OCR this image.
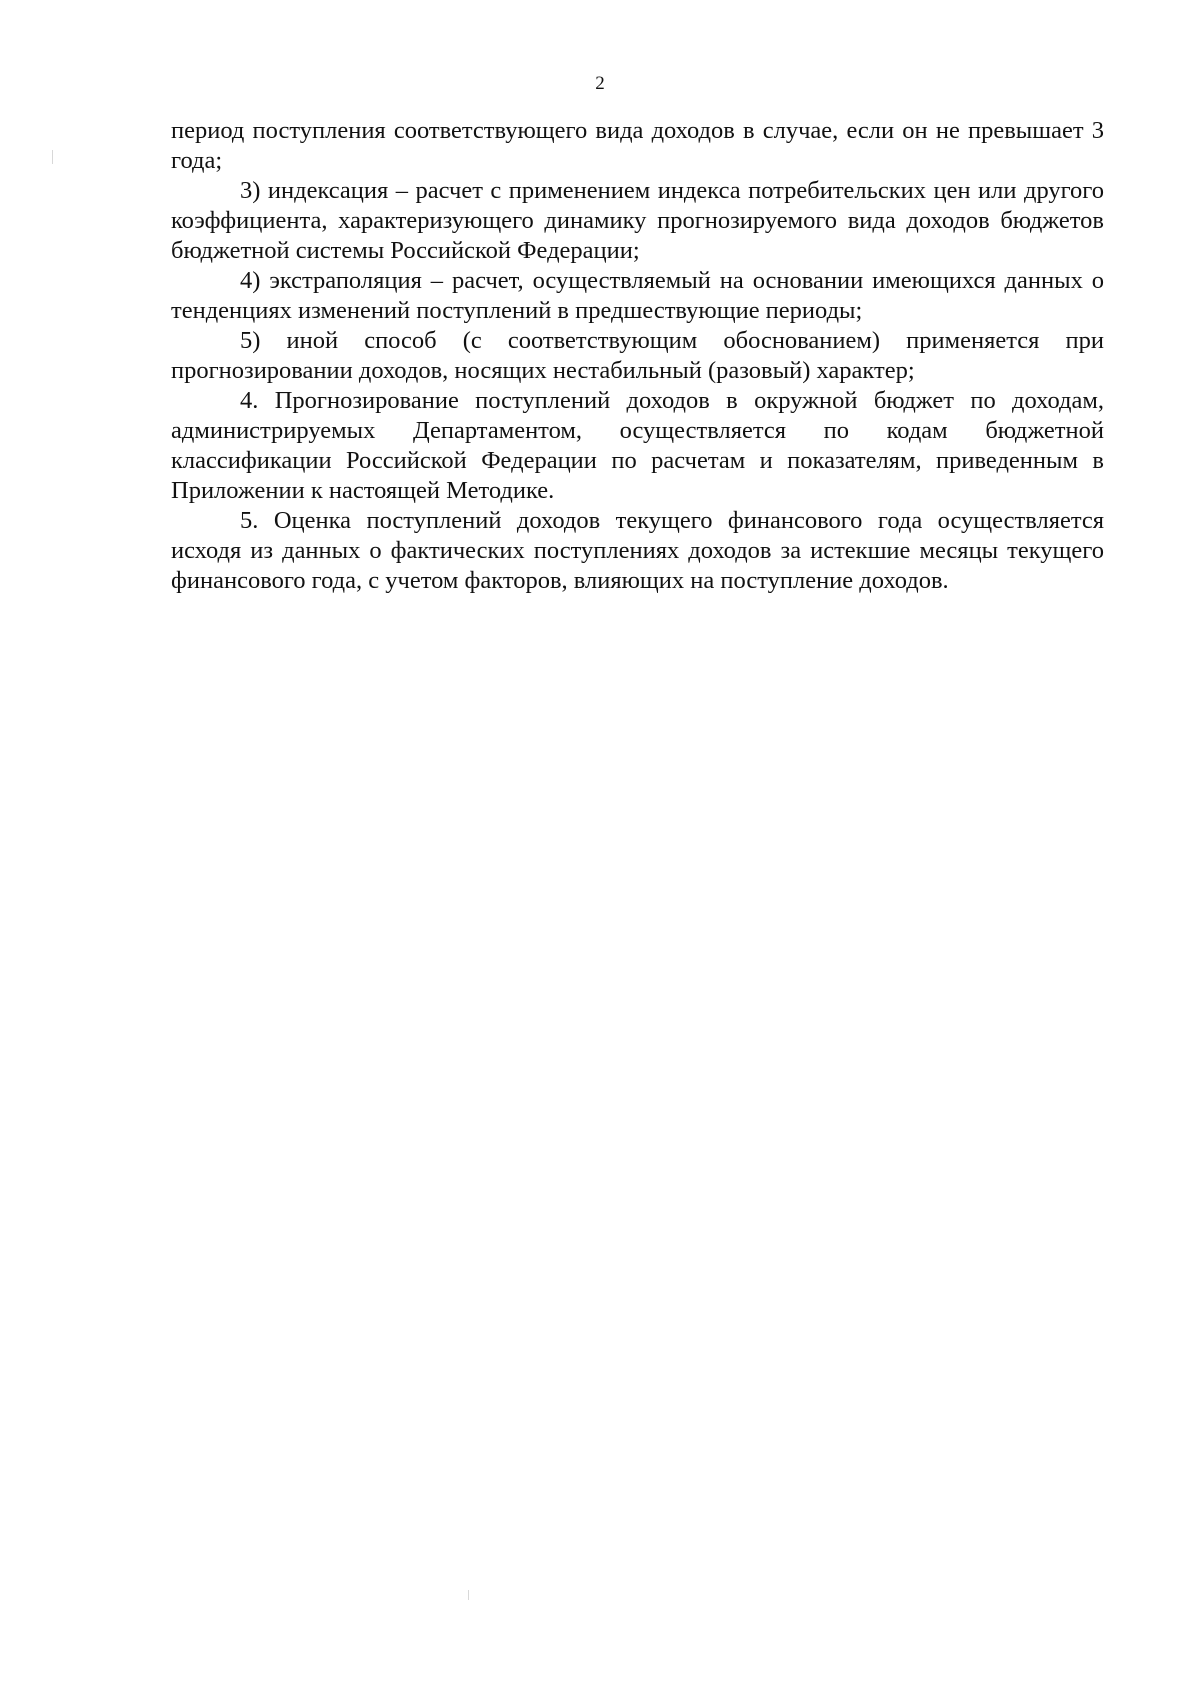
2

период поступления соответствующего вида доходов в случае, если он не превышает 3 года;

3) индексация – расчет с применением индекса потребительских цен или другого коэффициента, характеризующего динамику прогнозируемого вида доходов бюджетов бюджетной системы Российской Федерации;

4) экстраполяция – расчет, осуществляемый на основании имеющихся данных о тенденциях изменений поступлений в предшествующие периоды;

5) иной способ (с соответствующим обоснованием) применяется при прогнозировании доходов, носящих нестабильный (разовый) характер;

4. Прогнозирование поступлений доходов в окружной бюджет по доходам, администрируемых Департаментом, осуществляется по кодам бюджетной классификации Российской Федерации по расчетам и показателям, приведенным в Приложении к настоящей Методике.

5. Оценка поступлений доходов текущего финансового года осуществляется исходя из данных о фактических поступлениях доходов за истекшие месяцы текущего финансового года, с учетом факторов, влияющих на поступление доходов.
